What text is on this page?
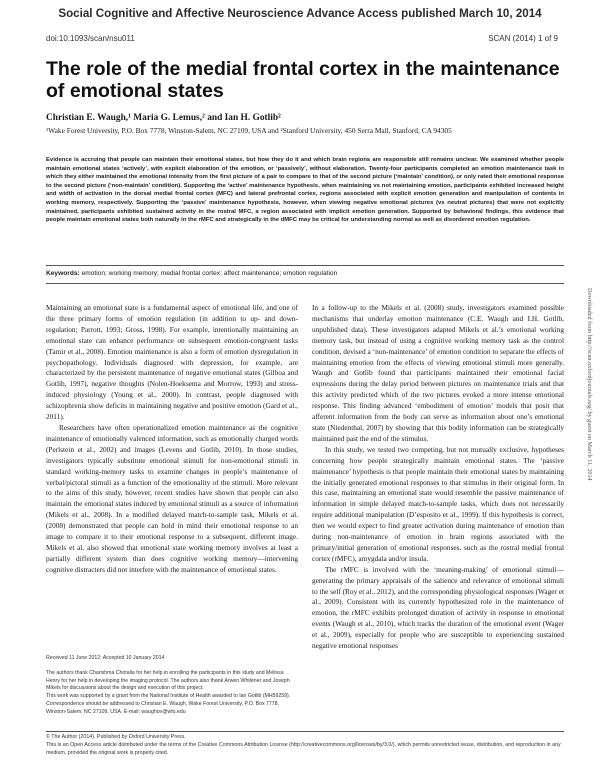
Social Cognitive and Affective Neuroscience Advance Access published March 10, 2014
doi:10.1093/scan/nsu011	SCAN (2014) 1 of 9
The role of the medial frontal cortex in the maintenance of emotional states
Christian E. Waugh,¹ Maria G. Lemus,² and Ian H. Gotlib²
¹Wake Forest University, P.O. Box 7778, Winston-Salem, NC 27109, USA and ²Stanford University, 450 Serra Mall, Stanford, CA 94305
Evidence is accruing that people can maintain their emotional states, but how they do it and which brain regions are responsible still remains unclear. We examined whether people maintain emotional states ‘actively’, with explicit elaboration of the emotion, or ‘passively’, without elaboration. Twenty-four participants completed an emotion maintenance task in which they either maintained the emotional intensity from the first picture of a pair to compare to that of the second picture (‘maintain’ condition), or only rated their emotional response to the second picture (‘non-maintain’ condition). Supporting the ‘active’ maintenance hypothesis, when maintaining vs not maintaining emotion, participants exhibited increased height and width of activation in the dorsal medial frontal cortex (MFC) and lateral prefrontal cortex, regions associated with explicit emotion generation and manipulation of contents in working memory, respectively. Supporting the ‘passive’ maintenance hypothesis, however, when viewing negative emotional pictures (vs neutral pictures) that were not explicitly maintained, participants exhibited sustained activity in the rostral MFC, a region associated with implicit emotion generation. Supported by behavioral findings, this evidence that people maintain emotional states both naturally in the rMFC and strategically in the dMFC may be critical for understanding normal as well as disordered emotion regulation.
Keywords: emotion; working memory; medial frontal cortex; affect maintenance; emotion regulation

Maintaining an emotional state is a fundamental aspect of emotional life, and one of the three primary forms of emotion regulation (in addition to up- and down-regulation; Parrott, 1993; Gross, 1998). For example, intentionally maintaining an emotional state can enhance performance on subsequent emotion-congruent tasks (Tamir et al., 2008). Emotion maintenance is also a form of emotion dysregulation in psychopathology. Individuals diagnosed with depression, for example, are characterized by the persistent maintenance of negative emotional states (Gilboa and Gotlib, 1997), negative thoughts (Nolen-Hoeksema and Morrow, 1993) and stress-induced physiology (Young et al., 2000). In contrast, people diagnosed with schizophrenia show deficits in maintaining negative and positive emotion (Gard et al., 2011).

Researchers have often operationalized emotion maintenance as the cognitive maintenance of emotionally valenced information, such as emotionally charged words (Perlstein et al., 2002) and images (Levens and Gotlib, 2010). In those studies, investigators typically substitute emotional stimuli for non-emotional stimuli in standard working-memory tasks to examine changes in people’s maintenance of verbal/pictoral stimuli as a function of the emotionality of the stimuli. More relevant to the aims of this study, however, recent studies have shown that people can also maintain the emotional states induced by emotional stimuli as a source of information (Mikels et al., 2008). In a modified delayed match-to-sample task, Mikels et al. (2008) demonstrated that people can hold in mind their emotional response to an image to compare it to their emotional response to a subsequent, different image. Mikels et al. also showed that emotional state working memory involves at least a partially different system than does cognitive working memory—intervening cognitive distracters did not interfere with the maintenance of emotional states.

In a follow-up to the Mikels et al. (2008) study, investigators examined possible mechanisms that underlay emotion maintenance (C.E. Waugh and I.H. Gotlib, unpublished data). These investigators adapted Mikels et al.’s emotional working memory task, but instead of using a cognitive working memory task as the control condition, devised a ‘non-maintenance’ of emotion condition to separate the effects of maintaining emotion from the effects of viewing emotional stimuli more generally. Waugh and Gotlib found that participants maintained their emotional facial expressions during the delay period between pictures on maintenance trials and that this activity predicted which of the two pictures evoked a more intense emotional response. This finding advanced ‘embodiment of emotion’ models that posit that afferent information from the body can serve as information about one’s emotional state (Niedenthal, 2007) by showing that this bodily information can be strategically maintained past the end of the stimulus.

In this study, we tested two competing, but not mutually exclusive, hypotheses concerning how people strategically maintain emotional states. The ‘passive maintenance’ hypothesis is that people maintain their emotional states by maintaining the initially generated emotional responses to that stimulus in their original form. In this case, maintaining an emotional state would resemble the passive maintenance of information in simple delayed match-to-sample tasks, which does not necessarily require additional manipulation (D’esposito et al., 1999). If this hypothesis is correct, then we would expect to find greater activation during maintenance of emotion than during non-maintenance of emotion in brain regions associated with the primary/initial generation of emotional responses, such as the rostral medial frontal cortex (rMFC), amygdala and/or insula.

The rMFC is involved with the ‘meaning-making’ of emotional stimuli—generating the primary appraisals of the salience and relevance of emotional stimuli to the self (Roy et al., 2012), and the corresponding physiological responses (Wager et al., 2009). Consistent with its currently hypothesized role in the maintenance of emotion, the rMFC exhibits prolonged duration of activity in response to emotional events (Waugh et al., 2010), which tracks the duration of the emotional event (Wager et al., 2009), especially for people who are susceptible to experiencing sustained negative emotional responses

Received 11 June 2012; Accepted 10 January 2014
The authors thank Charishma Chotalia for her help in enrolling the participants in this study and Melissa Henry for her help in developing the imaging protocol. The authors also thank Arwen Whitener and Joseph Mikels for discussions about the design and execution of this project.
This work was supported by a grant from the National Institute of Health awarded to Ian Gotlib (MH59259).
Correspondence should be addressed to Christian E. Waugh, Wake Forest University, P.O. Box 7778, Winston-Salem, NC 27109, USA. E-mail: waughce@wfu.edu
© The Author (2014). Published by Oxford University Press.
This is an Open Access article distributed under the terms of the Creative Commons Attribution License (http://creativecommons.org/licenses/by/3.0/), which permits unrestricted reuse, distribution, and reproduction in any medium, provided the original work is properly cited.
Downloaded from http://scan.oxfordjournals.org/ by guest on March 11, 2014
